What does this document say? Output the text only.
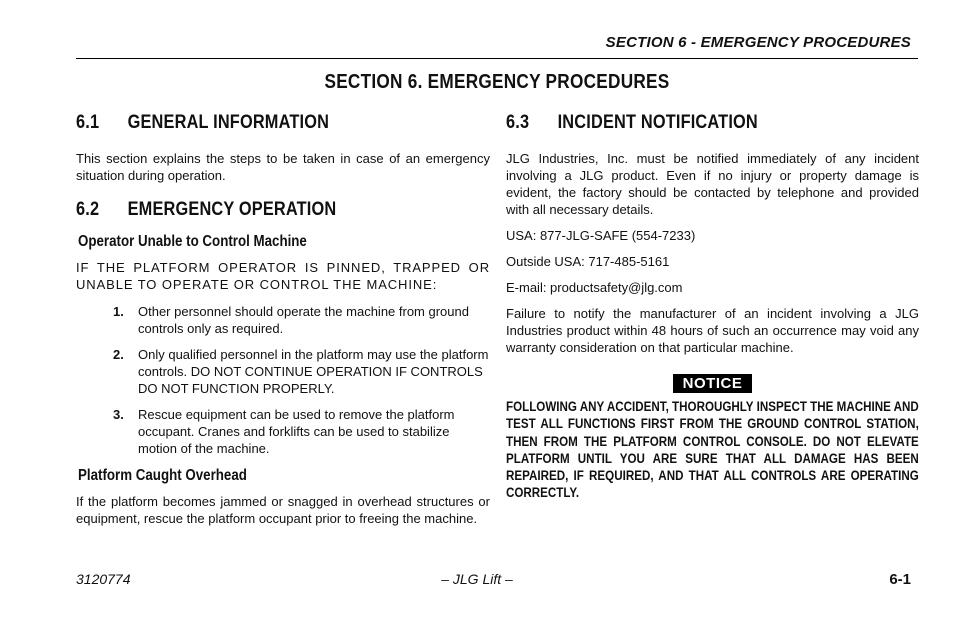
SECTION 6 - EMERGENCY PROCEDURES
SECTION 6. EMERGENCY PROCEDURES
6.1 GENERAL INFORMATION

This section explains the steps to be taken in case of an emergency situation during operation.

6.2 EMERGENCY OPERATION
Operator Unable to Control Machine

IF THE PLATFORM OPERATOR IS PINNED, TRAPPED OR UNABLE TO OPERATE OR CONTROL THE MACHINE:

1. Other personnel should operate the machine from ground controls only as required.
2. Only qualified personnel in the platform may use the platform controls. DO NOT CONTINUE OPERATION IF CONTROLS DO NOT FUNCTION PROPERLY.
3. Rescue equipment can be used to remove the platform occupant. Cranes and forklifts can be used to stabilize motion of the machine.
Platform Caught Overhead

If the platform becomes jammed or snagged in overhead structures or equipment, rescue the platform occupant prior to freeing the machine.

6.3 INCIDENT NOTIFICATION

JLG Industries, Inc. must be notified immediately of any incident involving a JLG product. Even if no injury or property damage is evident, the factory should be contacted by telephone and provided with all necessary details.

USA: 877-JLG-SAFE (554-7233)

Outside USA: 717-485-5161

E-mail: productsafety@jlg.com

Failure to notify the manufacturer of an incident involving a JLG Industries product within 48 hours of such an occurrence may void any warranty consideration on that particular machine.

NOTICE

FOLLOWING ANY ACCIDENT, THOROUGHLY INSPECT THE MACHINE AND TEST ALL FUNCTIONS FIRST FROM THE GROUND CONTROL STATION, THEN FROM THE PLATFORM CONTROL CONSOLE. DO NOT ELEVATE PLATFORM UNTIL YOU ARE SURE THAT ALL DAMAGE HAS BEEN REPAIRED, IF REQUIRED, AND THAT ALL CONTROLS ARE OPERATING CORRECTLY.

3120774	– JLG Lift –	6-1
